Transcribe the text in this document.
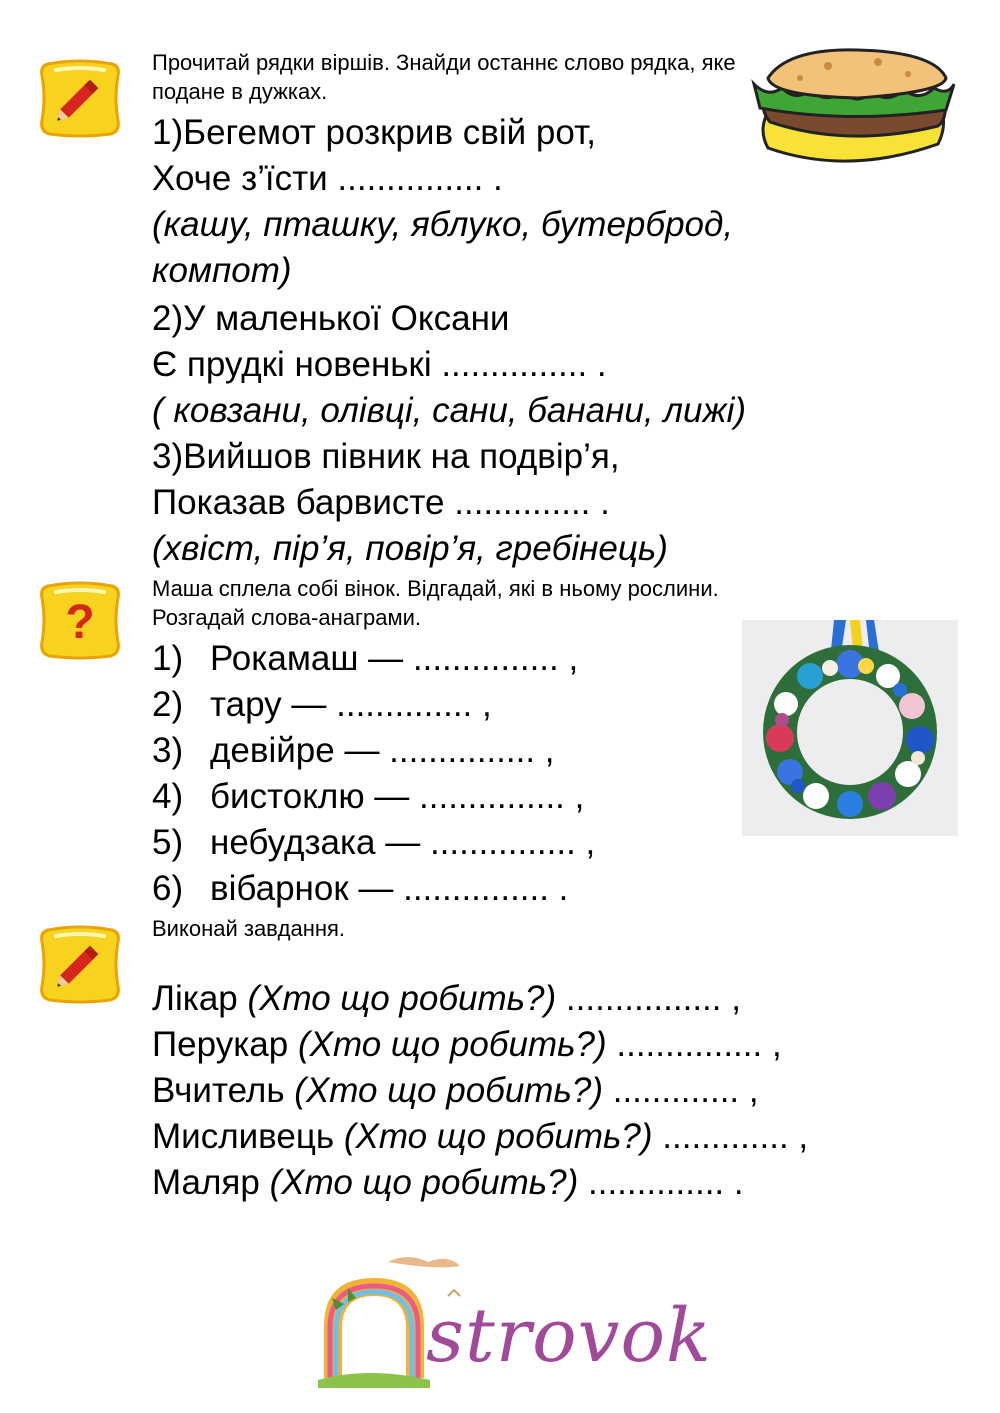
Прочитай рядки віршів. Знайди останнє слово рядка, яке подане в дужках.
1)Бегемот розкрив свій рот,
Хоче з’їсти ............... .
(кашу, пташку, яблуко, бутерброд, компот)
2)У маленької Оксани
Є прудкі новенькі ............... .
( ковзани, олівці, сани, банани, лижі)
3)Вийшов півник на подвір’я,
Показав барвисте .............. .
(хвіст, пір’я, повір’я, гребінець)
?
Маша сплела собі вінок. Відгадай, які в ньому рослини.
Розгадай слова-анаграми.
1) Рокамаш — ............... ,
2) тару — .............. ,
3) девійре — ............... ,
4) бистоклю — ............... ,
5) небудзака — ............... ,
6) вібарнок — ............... .
Виконай завдання.
Лікар (Хто що робить?) ................ ,
Перукар (Хто що робить?) ............... ,
Вчитель (Хто що робить?) ............. ,
Мисливець (Хто що робить?) ............. ,
Маляр (Хто що робить?) .............. .
strovok
